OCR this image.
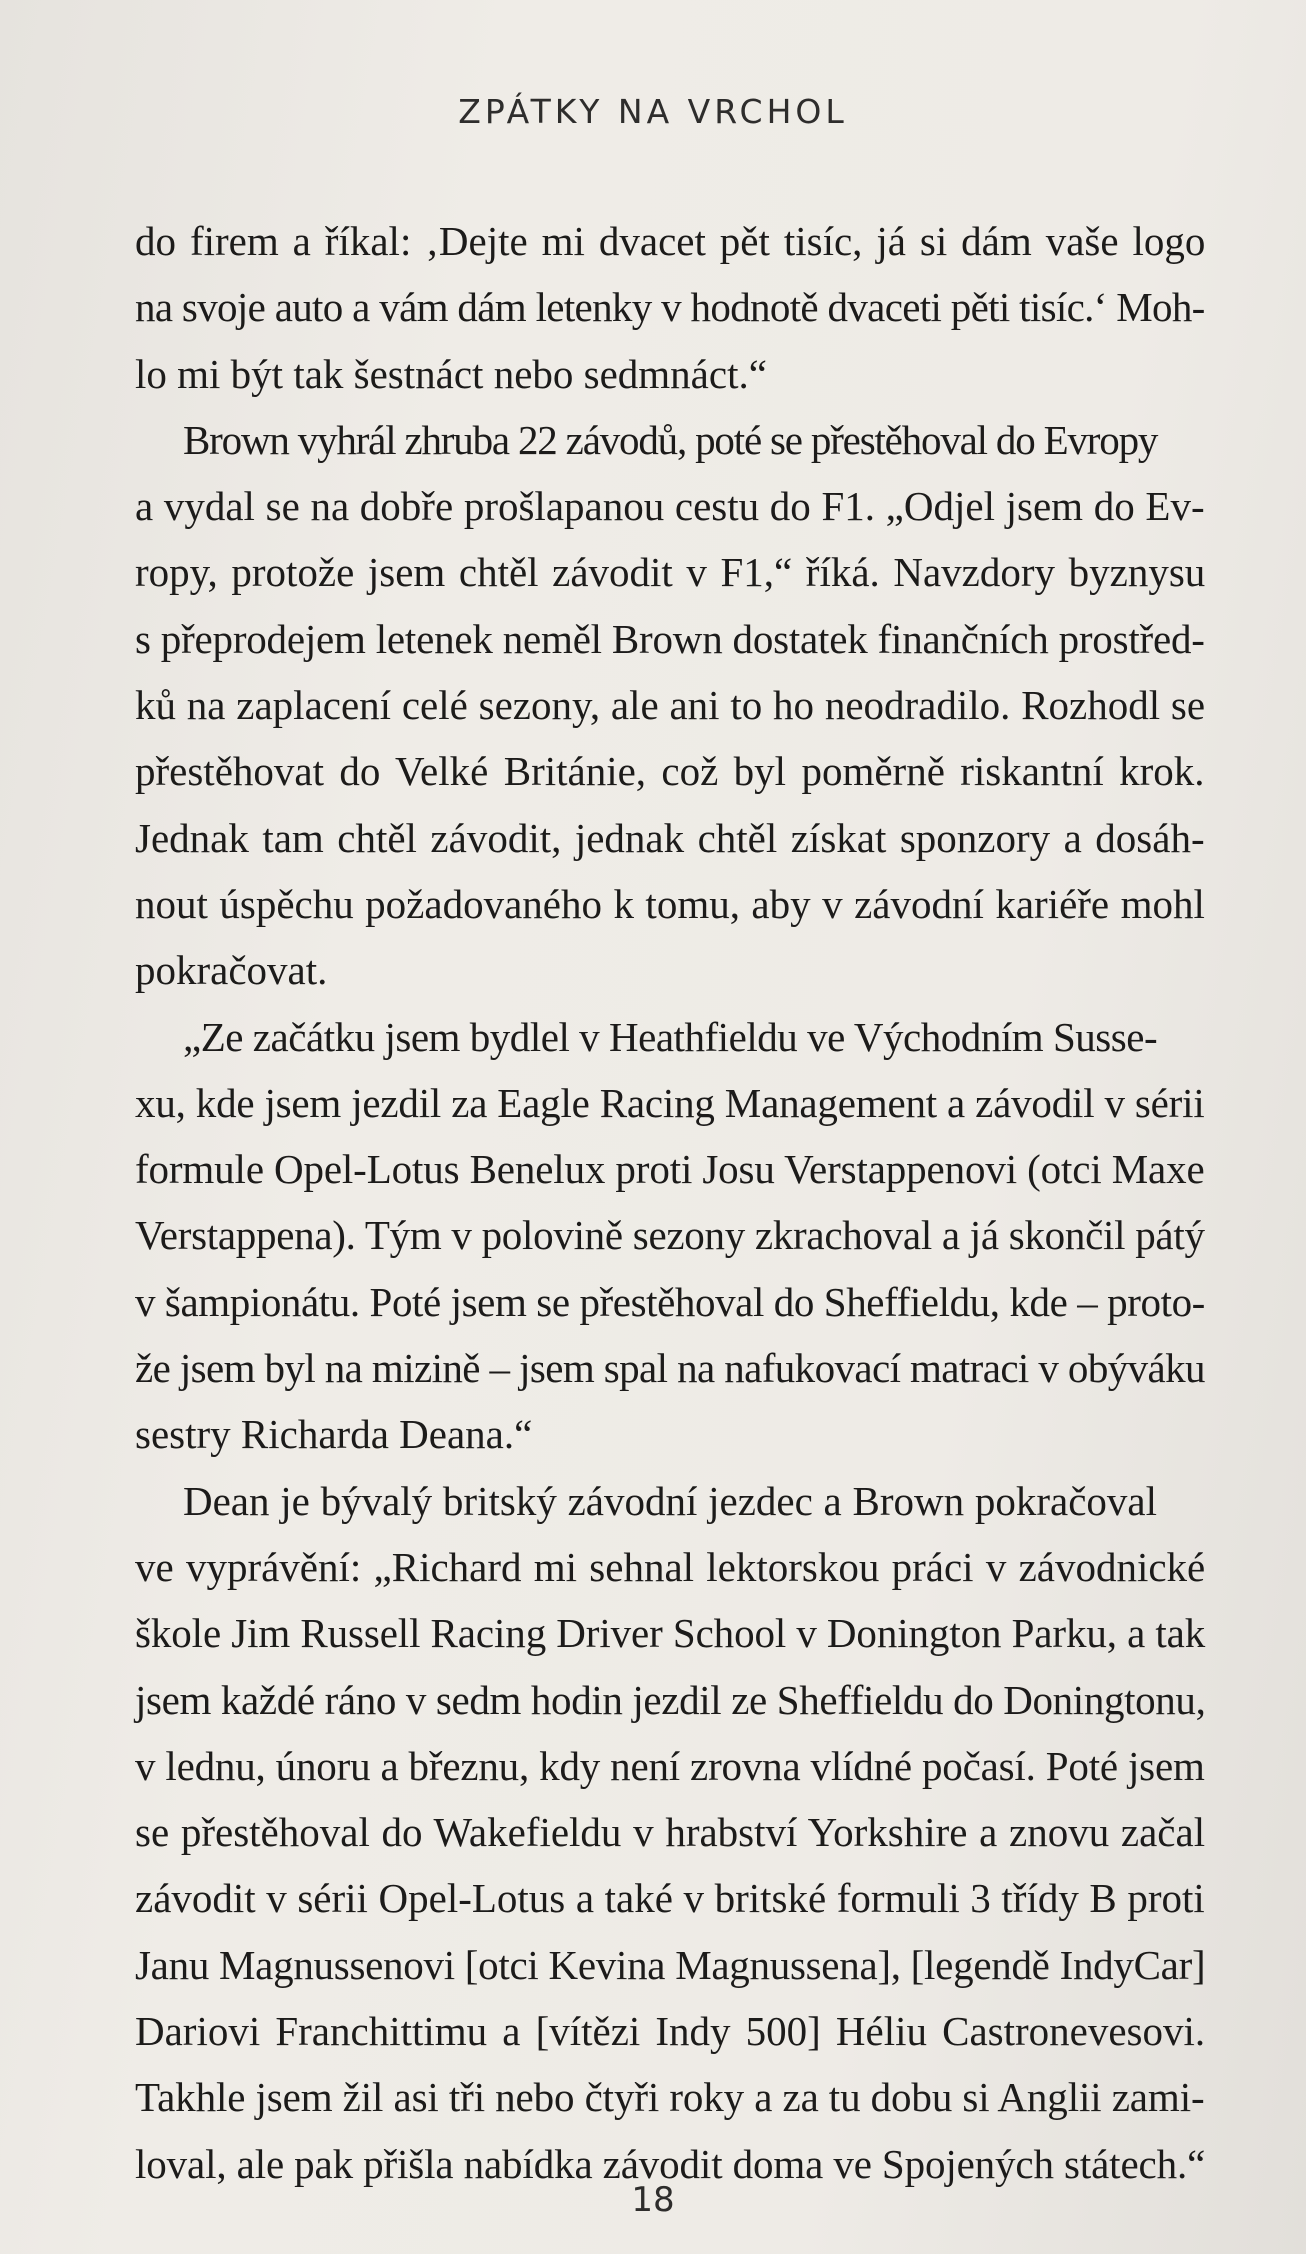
ZPÁTKY NA VRCHOL

do firem a říkal: ‚Dejte mi dvacet pět tisíc, já si dám vaše logo
na svoje auto a vám dám letenky v hodnotě dvaceti pěti tisíc.‘ Moh-
lo mi být tak šestnáct nebo sedmnáct.“

Brown vyhrál zhruba 22 závodů, poté se přestěhoval do Evropy
a vydal se na dobře prošlapanou cestu do F1. „Odjel jsem do Ev-
ropy, protože jsem chtěl závodit v F1,“ říká. Navzdory byznysu
s přeprodejem letenek neměl Brown dostatek finančních prostřed-
ků na zaplacení celé sezony, ale ani to ho neodradilo. Rozhodl se
přestěhovat do Velké Británie, což byl poměrně riskantní krok.
Jednak tam chtěl závodit, jednak chtěl získat sponzory a dosáh-
nout úspěchu požadovaného k tomu, aby v závodní kariéře mohl
pokračovat.

„Ze začátku jsem bydlel v Heathfieldu ve Východním Susse-
xu, kde jsem jezdil za Eagle Racing Management a závodil v sérii
formule Opel-Lotus Benelux proti Josu Verstappenovi (otci Maxe
Verstappena). Tým v polovině sezony zkrachoval a já skončil pátý
v šampionátu. Poté jsem se přestěhoval do Sheffieldu, kde – proto-
že jsem byl na mizině – jsem spal na nafukovací matraci v obýváku
sestry Richarda Deana.“

Dean je bývalý britský závodní jezdec a Brown pokračoval
ve vyprávění: „Richard mi sehnal lektorskou práci v závodnické
škole Jim Russell Racing Driver School v Donington Parku, a tak
jsem každé ráno v sedm hodin jezdil ze Sheffieldu do Doningtonu,
v lednu, únoru a březnu, kdy není zrovna vlídné počasí. Poté jsem
se přestěhoval do Wakefieldu v hrabství Yorkshire a znovu začal
závodit v sérii Opel-Lotus a také v britské formuli 3 třídy B proti
Janu Magnussenovi [otci Kevina Magnussena], [legendě IndyCar]
Dariovi Franchittimu a [vítězi Indy 500] Héliu Castronevesovi.
Takhle jsem žil asi tři nebo čtyři roky a za tu dobu si Anglii zami-
loval, ale pak přišla nabídka závodit doma ve Spojených státech.“

18
